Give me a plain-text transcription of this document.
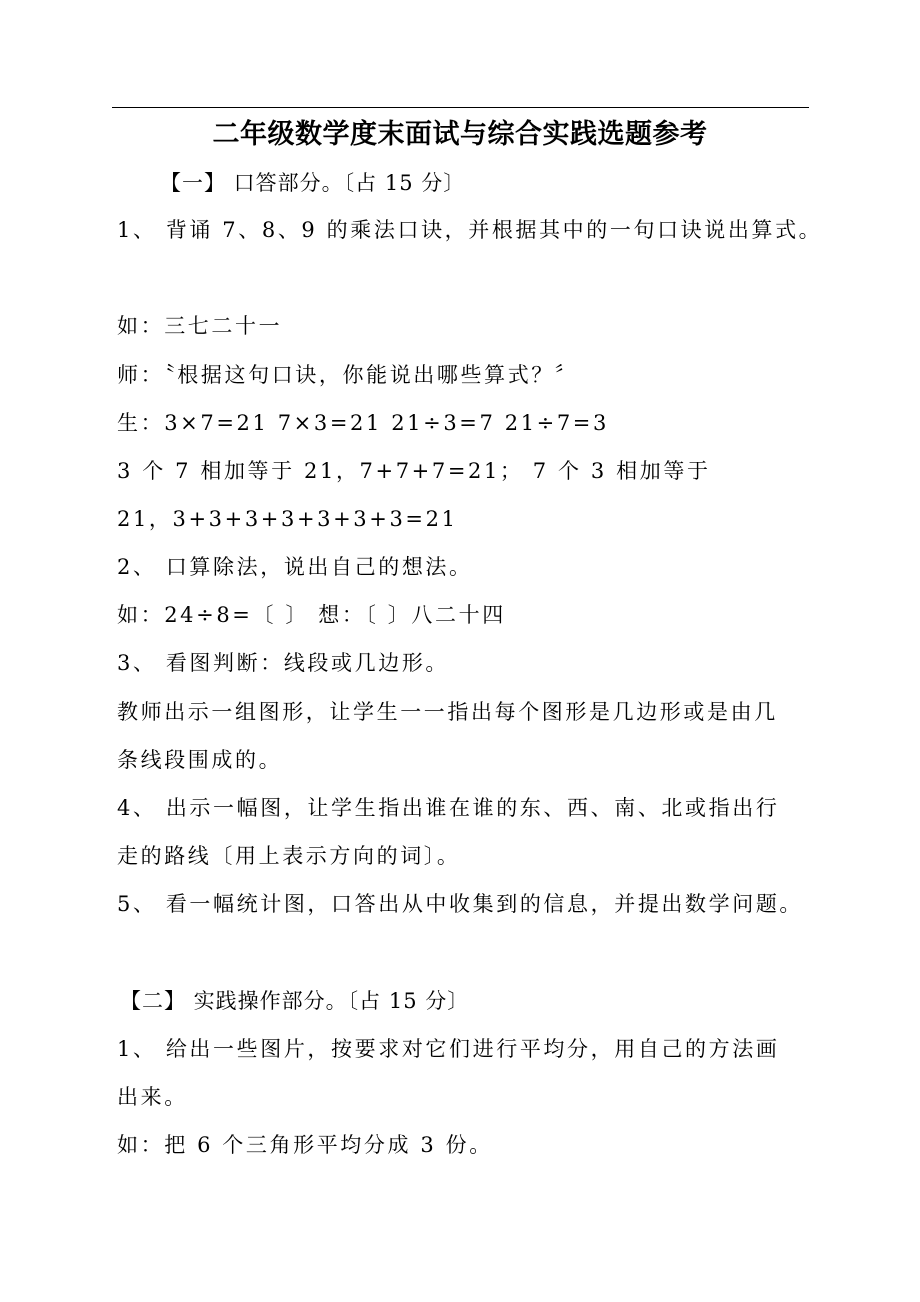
二年级数学度末面试与综合实践选题参考
【一】 口答部分。〔占 15 分〕
1、 背诵 7、8、9 的乘法口诀，并根据其中的一句口诀说出算式。
如：三七二十一
师：〝根据这句口诀，你能说出哪些算式？〞
生：3×7=21 7×3=21 21÷3=7 21÷7=3
3 个 7 相加等于 21，7+7+7=21； 7 个 3 相加等于
21，3+3+3+3+3+3+3=21
2、 口算除法，说出自己的想法。
如：24÷8=〔 〕 想：〔 〕八二十四
3、 看图判断：线段或几边形。
教师出示一组图形，让学生一一指出每个图形是几边形或是由几
条线段围成的。
4、 出示一幅图，让学生指出谁在谁的东、西、南、北或指出行
走的路线〔用上表示方向的词〕。
5、 看一幅统计图，口答出从中收集到的信息，并提出数学问题。
【二】 实践操作部分。〔占 15 分〕
1、 给出一些图片，按要求对它们进行平均分，用自己的方法画
出来。
如：把 6 个三角形平均分成 3 份。
